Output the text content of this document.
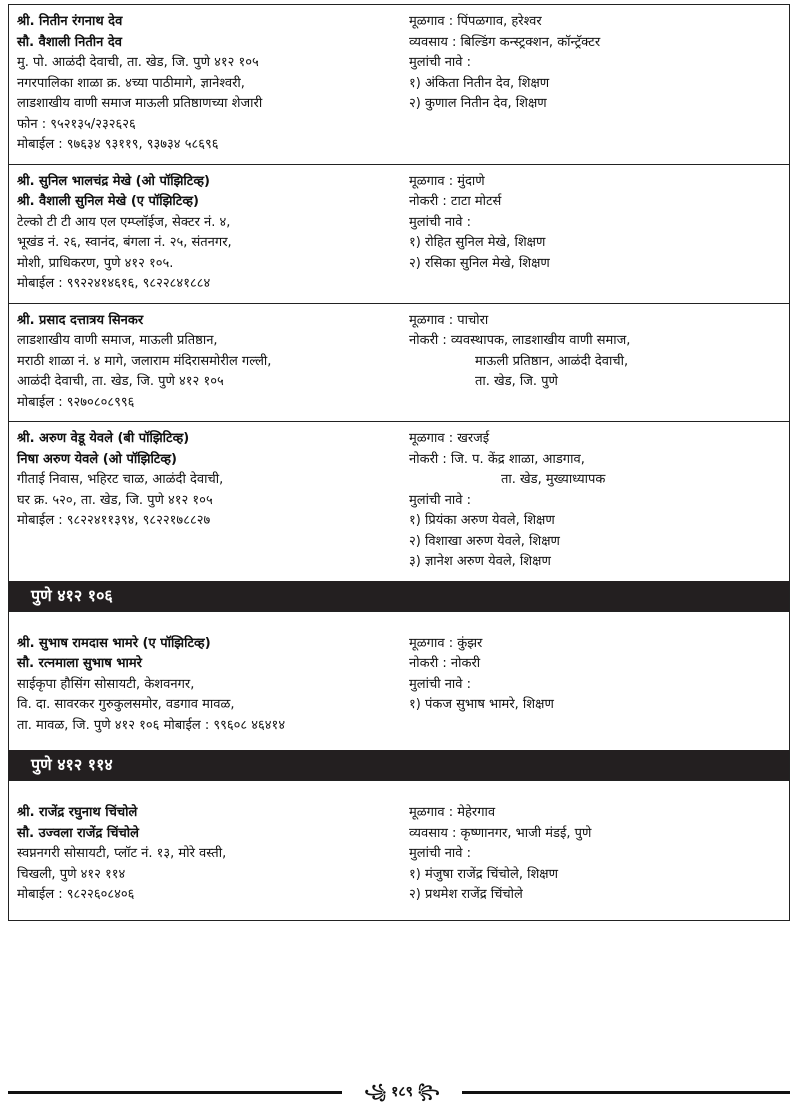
श्री. नितीन रंगनाथ देव
सौ. वैशाली नितीन देव
मु. पो. आळंदी देवाची, ता. खेड, जि. पुणे ४१२ १०५
नगरपालिका शाळा क्र. ४च्या पाठीमागे, ज्ञानेश्वरी,
लाडशाखीय वाणी समाज माऊली प्रतिष्ठाणच्या शेजारी
फोन : ९५२१३५/२३२६२६
मोबाईल : ९७६३४ ९३११९, ९३७३४ ५८६९६
मूळगाव : पिंपळगाव, हरेश्वर
व्यवसाय : बिल्डिंग कन्स्ट्रक्शन, कॉन्ट्रॅक्टर
मुलांची नावे :
१) अंकिता नितीन देव, शिक्षण
२) कुणाल नितीन देव, शिक्षण
श्री. सुनिल भालचंद्र मेखे (ओ पॉझिटिव्ह)
श्री. वैशाली सुनिल मेखे (ए पॉझिटिव्ह)
टेल्को टी टी आय एल एम्प्लॉईज, सेक्टर नं. ४,
भूखंड नं. २६, स्वानंद, बंगला नं. २५, संतनगर,
मोशी, प्राधिकरण, पुणे ४१२ १०५.
मोबाईल : ९९२२४१४६१६, ९८२२८४१८८४
मूळगाव : मुंदाणे
नोकरी : टाटा मोटर्स
मुलांची नावे :
१) रोहित सुनिल मेखे, शिक्षण
२) रसिका सुनिल मेखे, शिक्षण
श्री. प्रसाद दत्तात्रय सिनकर
लाडशाखीय वाणी समाज, माऊली प्रतिष्ठान,
मराठी शाळा नं. ४ मागे, जलाराम मंदिरासमोरील गल्ली,
आळंदी देवाची, ता. खेड, जि. पुणे ४१२ १०५
मोबाईल : ९२७०८०८९९६
मूळगाव : पाचोरा
नोकरी : व्यवस्थापक, लाडशाखीय वाणी समाज,
माऊली प्रतिष्ठान, आळंदी देवाची,
ता. खेड, जि. पुणे
श्री. अरुण वेडू येवले (बी पॉझिटिव्ह)
निषा अरुण येवले (ओ पॉझिटिव्ह)
गीताई निवास, भहिरट चाळ, आळंदी देवाची,
घर क्र. ५२०, ता. खेड, जि. पुणे ४१२ १०५
मोबाईल : ९८२२४११३९४, ९८२२१७८८२७
मूळगाव : खरजई
नोकरी : जि. प. केंद्र शाळा, आडगाव,
ता. खेड, मुख्याध्यापक
मुलांची नावे :
१) प्रियंका अरुण येवले, शिक्षण
२) विशाखा अरुण येवले, शिक्षण
३) ज्ञानेश अरुण येवले, शिक्षण
पुणे ४१२ १०६
श्री. सुभाष रामदास भामरे (ए पॉझिटिव्ह)
सौ. रत्नमाला सुभाष भामरे
साईकृपा हौसिंग सोसायटी, केशवनगर,
वि. दा. सावरकर गुरुकुलसमोर, वडगाव मावळ,
ता. मावळ, जि. पुणे ४१२ १०६ मोबाईल : ९९६०८ ४६४१४
मूळगाव : कुंझर
नोकरी : नोकरी
मुलांची नावे :
१) पंकज सुभाष भामरे, शिक्षण
पुणे ४१२ ११४
श्री. राजेंद्र रघुनाथ चिंचोले
सौ. उज्वला राजेंद्र चिंचोले
स्वप्ननगरी सोसायटी, प्लॉट नं. १३, मोरे वस्ती,
चिखली, पुणे ४१२ ११४
मोबाईल : ९८२२६०८४०६
मूळगाव : मेहेरगाव
व्यवसाय : कृष्णानगर, भाजी मंडई, पुणे
मुलांची नावे :
१) मंजुषा राजेंद्र चिंचोले, शिक्षण
२) प्रथमेश राजेंद्र चिंचोले
꧁ १८९ ꧂
